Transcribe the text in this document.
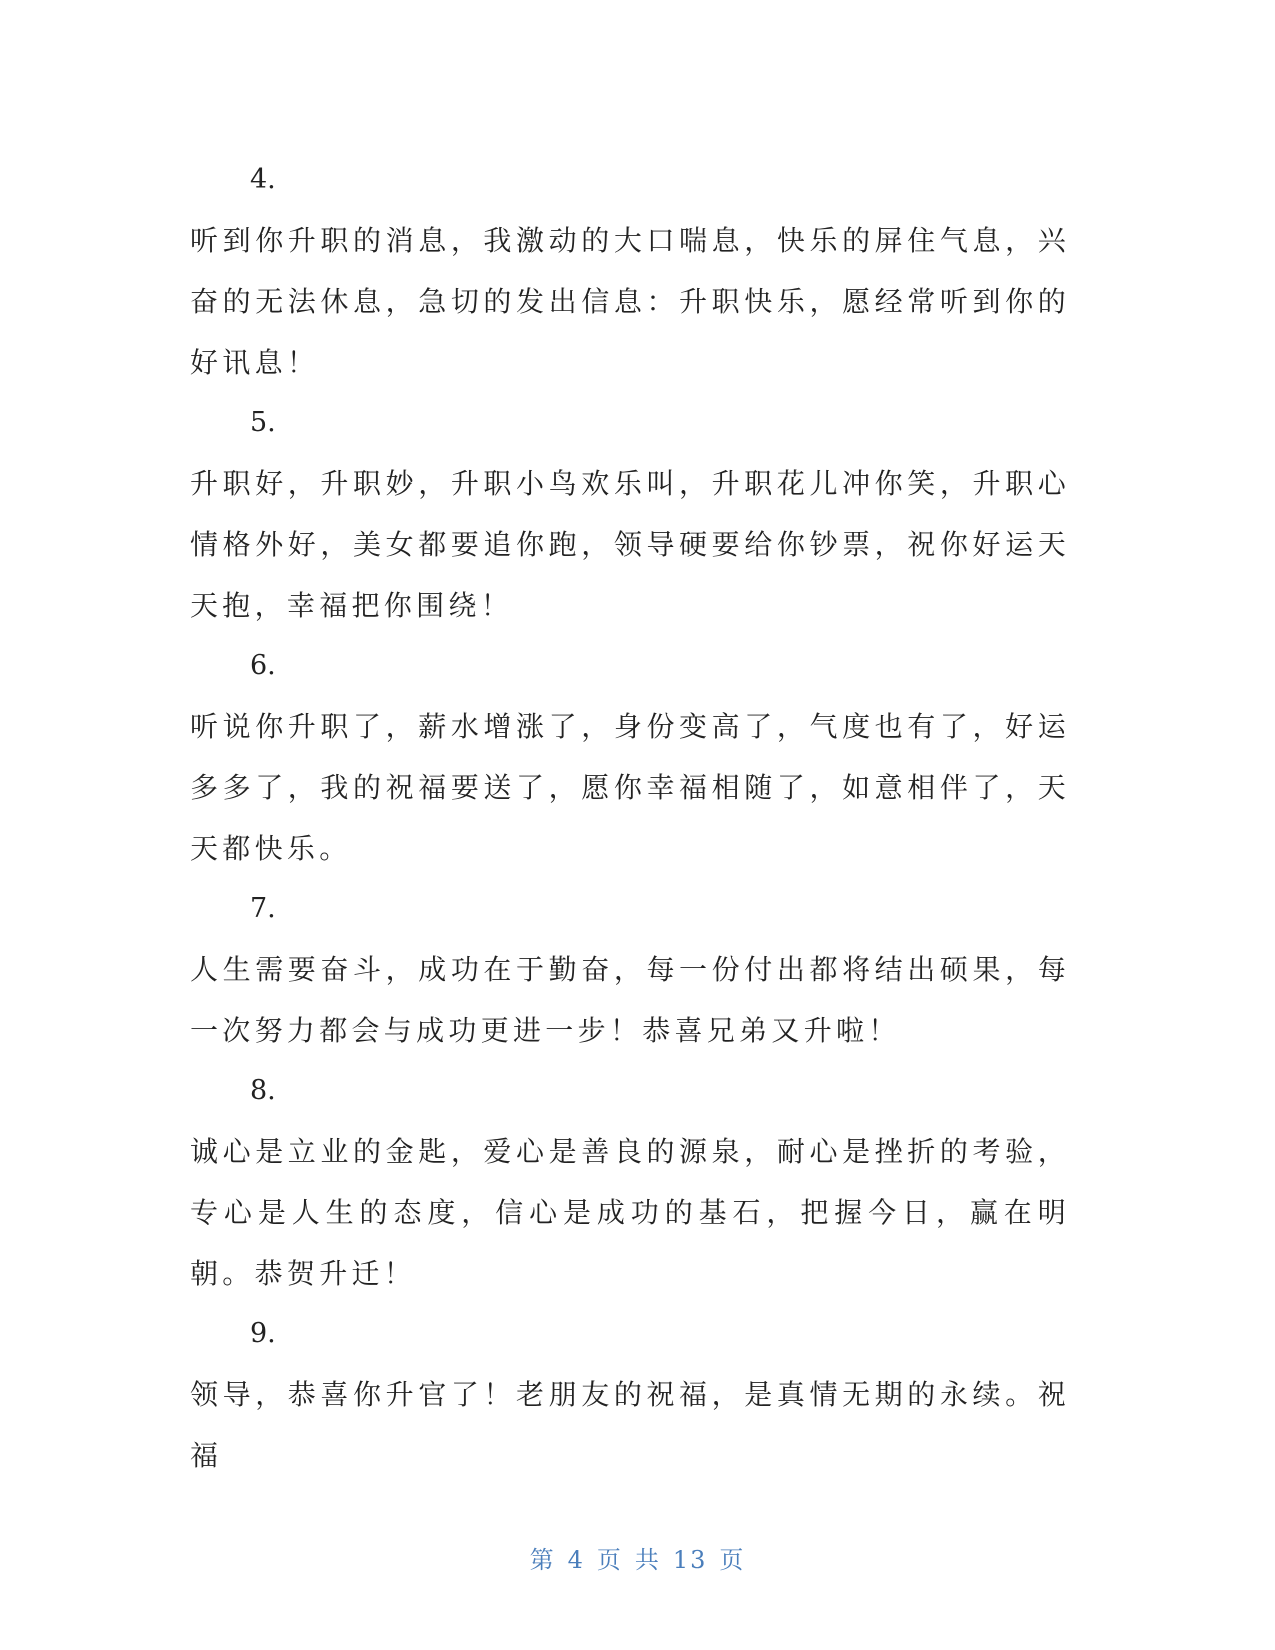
4.

听到你升职的消息，我激动的大口喘息，快乐的屏住气息，兴奋的无法休息，急切的发出信息：升职快乐，愿经常听到你的好讯息！

5.

升职好，升职妙，升职小鸟欢乐叫，升职花儿冲你笑，升职心情格外好，美女都要追你跑，领导硬要给你钞票，祝你好运天天抱，幸福把你围绕！

6.

听说你升职了，薪水增涨了，身份变高了，气度也有了，好运多多了，我的祝福要送了，愿你幸福相随了，如意相伴了，天天都快乐。

7.

人生需要奋斗，成功在于勤奋，每一份付出都将结出硕果，每一次努力都会与成功更进一步！恭喜兄弟又升啦！

8.

诚心是立业的金匙，爱心是善良的源泉，耐心是挫折的考验，专心是人生的态度，信心是成功的基石，把握今日，赢在明朝。恭贺升迁！

9.

领导，恭喜你升官了！老朋友的祝福，是真情无期的永续。祝福

第 4 页 共 13 页
